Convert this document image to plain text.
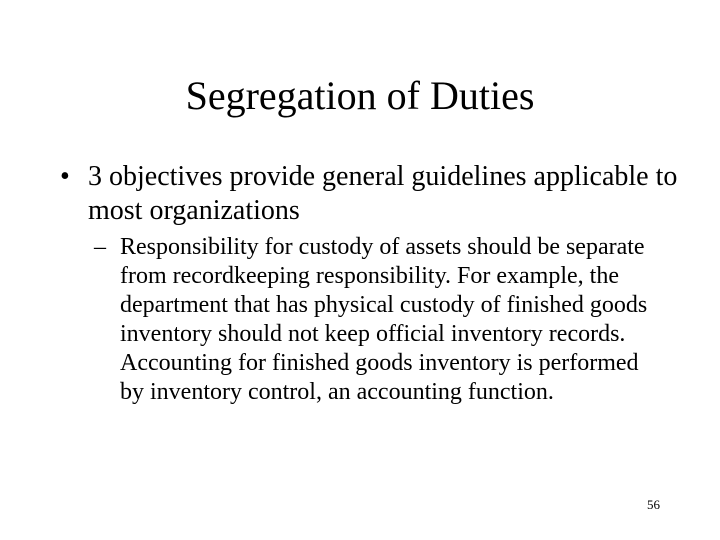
Segregation of Duties
• 3 objectives provide general guidelines applicable to most organizations
– Responsibility for custody of assets should be separate from recordkeeping responsibility. For example, the department that has physical custody of finished goods inventory should not keep official inventory records. Accounting for finished goods inventory is performed by inventory control, an accounting function.
56
